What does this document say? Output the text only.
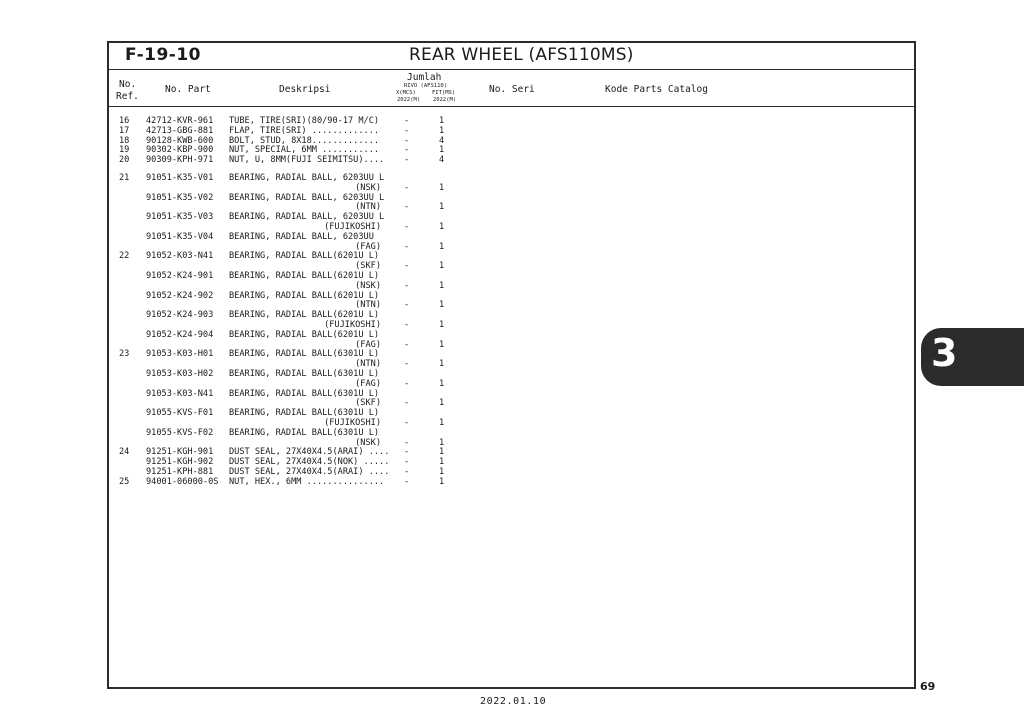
F-19-10	REAR WHEEL (AFS110MS)
No.
Ref.
No. Part	Deskripsi
Jumlah
RIVO (AFS110)
X(MCS)	FIT(MS)
2022(M) 2022(M)
No. Seri	Kode Parts Catalog
16 42712-KVR-961 TUBE, TIRE(SRI)(80/90-17 M/C)	-	1
17 42713-GBG-881 FLAP, TIRE(SRI) .............	-	1
18 90128-KWB-600 BOLT, STUD, 8X18.............	-	4
19 90302-KBP-900 NUT, SPECIAL, 6MM ...........	-	1
20 90309-KPH-971 NUT, U, 8MM(FUJI SEIMITSU).... -	4
21 91051-K35-V01 BEARING, RADIAL BALL, 6203UU L
(NSK)	-	1
91051-K35-V02 BEARING, RADIAL BALL, 6203UU L
(NTN)	-	1
91051-K35-V03 BEARING, RADIAL BALL, 6203UU L
(FUJIKOSHI)	-	1
91051-K35-V04 BEARING, RADIAL BALL, 6203UU
(FAG)	-	1
22 91052-K03-N41 BEARING, RADIAL BALL(6201U L)
(SKF)	-	1
91052-K24-901 BEARING, RADIAL BALL(6201U L)
(NSK)	-	1
91052-K24-902 BEARING, RADIAL BALL(6201U L)
(NTN)	-	1
91052-K24-903 BEARING, RADIAL BALL(6201U L)
(FUJIKOSHI)	-	1
91052-K24-904 BEARING, RADIAL BALL(6201U L)
(FAG)	-	1
23 91053-K03-H01 BEARING, RADIAL BALL(6301U L)
(NTN)	-	1
91053-K03-H02 BEARING, RADIAL BALL(6301U L)
(FAG)	-	1
91053-K03-N41 BEARING, RADIAL BALL(6301U L)
(SKF)	-	1
91055-KVS-F01 BEARING, RADIAL BALL(6301U L)
(FUJIKOSHI)	-	1
91055-KVS-F02 BEARING, RADIAL BALL(6301U L)
(NSK)	-	1
24 91251-KGH-901 DUST SEAL, 27X40X4.5(ARAI) .... -	1
91251-KGH-902 DUST SEAL, 27X40X4.5(NOK) ..... -	1
91251-KPH-881 DUST SEAL, 27X40X4.5(ARAI) .... -	1
25 94001-06000-0S NUT, HEX., 6MM ............... -	1
3
69
2022.01.10
